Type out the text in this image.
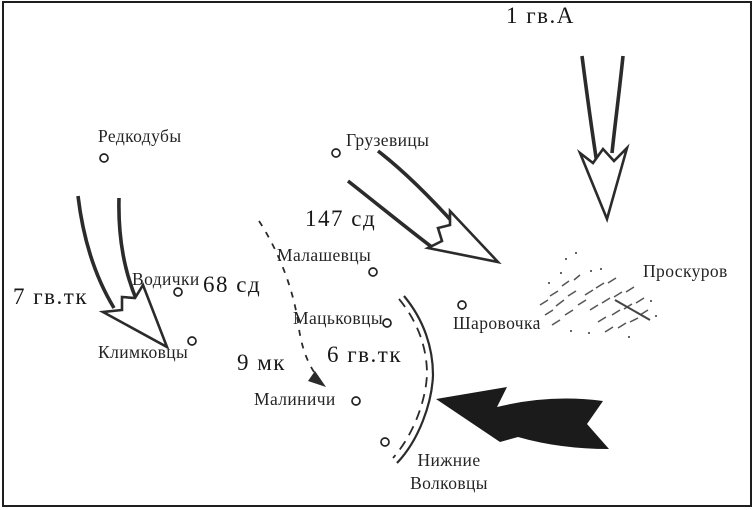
Редкодубы	Грузевицы
Малашевцы
Водички
Климковцы
Мацьковцы	Шаровочка
Малиничи
Нижние Волковцы
Проскуров
1 гв.А
147 сд
68 сд
7 гв.тк
9 мк 6 гв.тк
